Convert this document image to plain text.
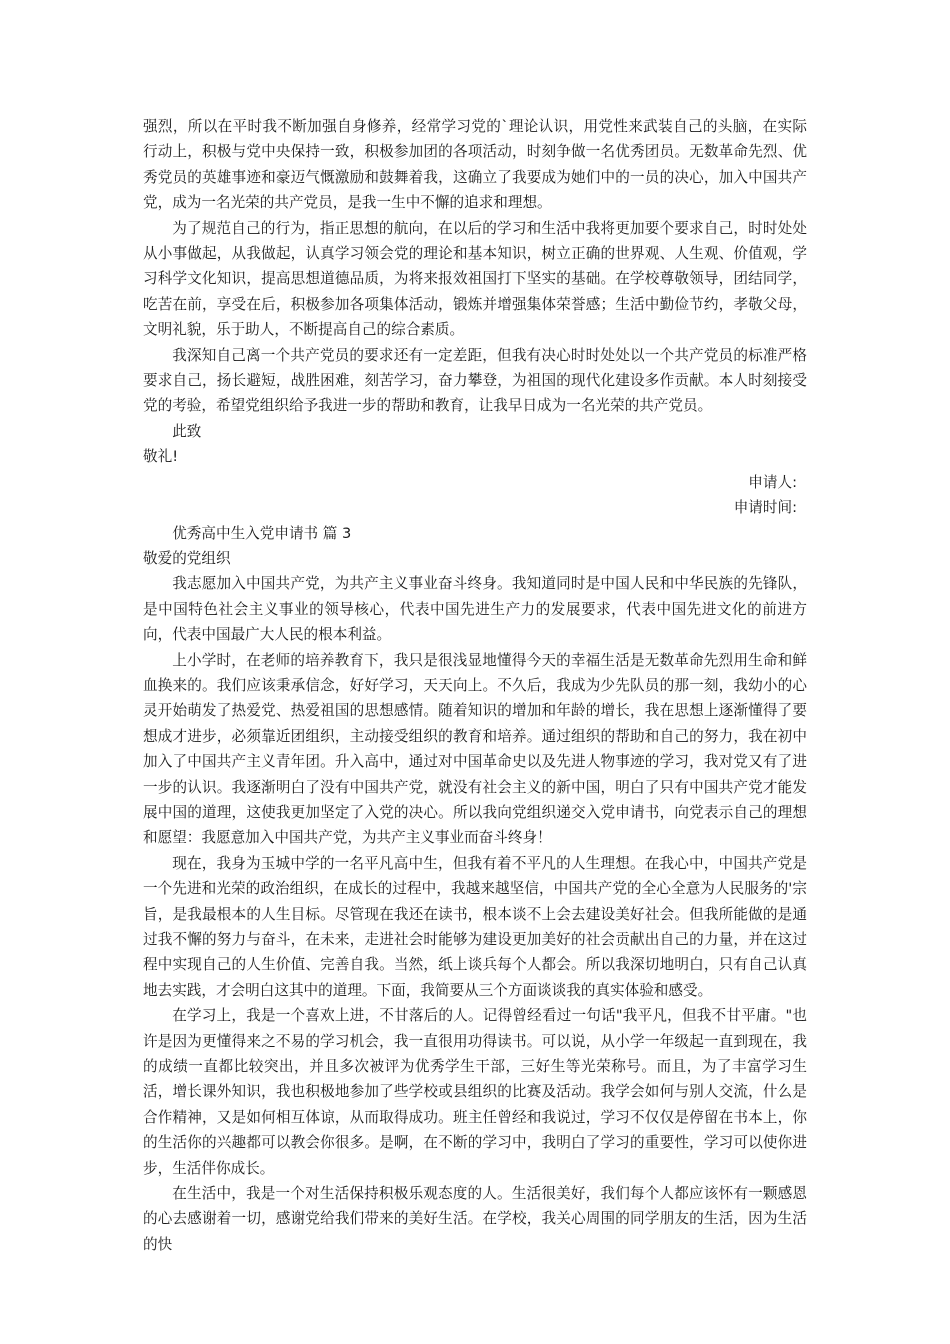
强烈，所以在平时我不断加强自身修养，经常学习党的`理论认识，用党性来武装自己的头脑，在实际行动上，积极与党中央保持一致，积极参加团的各项活动，时刻争做一名优秀团员。无数革命先烈、优秀党员的英雄事迹和豪迈气慨激励和鼓舞着我，这确立了我要成为她们中的一员的决心，加入中国共产党，成为一名光荣的共产党员，是我一生中不懈的追求和理想。

为了规范自己的行为，指正思想的航向，在以后的学习和生活中我将更加要个要求自己，时时处处从小事做起，从我做起，认真学习领会党的理论和基本知识，树立正确的世界观、人生观、价值观，学习科学文化知识，提高思想道德品质，为将来报效祖国打下坚实的基础。在学校尊敬领导，团结同学，吃苦在前，享受在后，积极参加各项集体活动，锻炼并增强集体荣誉感；生活中勤俭节约，孝敬父母，文明礼貌，乐于助人，不断提高自己的综合素质。

我深知自己离一个共产党员的要求还有一定差距，但我有决心时时处处以一个共产党员的标准严格要求自己，扬长避短，战胜困难，刻苦学习，奋力攀登，为祖国的现代化建设多作贡献。本人时刻接受党的考验，希望党组织给予我进一步的帮助和教育，让我早日成为一名光荣的共产党员。

此致

敬礼!

申请人:

申请时间:

优秀高中生入党申请书 篇 3

敬爱的党组织

我志愿加入中国共产党，为共产主义事业奋斗终身。我知道同时是中国人民和中华民族的先锋队，是中国特色社会主义事业的领导核心，代表中国先进生产力的发展要求，代表中国先进文化的前进方向，代表中国最广大人民的根本利益。

上小学时，在老师的培养教育下，我只是很浅显地懂得今天的幸福生活是无数革命先烈用生命和鲜血换来的。我们应该秉承信念，好好学习，天天向上。不久后，我成为少先队员的那一刻，我幼小的心灵开始萌发了热爱党、热爱祖国的思想感情。随着知识的增加和年龄的增长，我在思想上逐渐懂得了要想成才进步，必须靠近团组织，主动接受组织的教育和培养。通过组织的帮助和自己的努力，我在初中加入了中国共产主义青年团。升入高中，通过对中国革命史以及先进人物事迹的学习，我对党又有了进一步的认识。我逐渐明白了没有中国共产党，就没有社会主义的新中国，明白了只有中国共产党才能发展中国的道理，这使我更加坚定了入党的决心。所以我向党组织递交入党申请书，向党表示自己的理想和愿望：我愿意加入中国共产党，为共产主义事业而奋斗终身！

现在，我身为玉城中学的一名平凡高中生，但我有着不平凡的人生理想。在我心中，中国共产党是一个先进和光荣的政治组织，在成长的过程中，我越来越坚信，中国共产党的全心全意为人民服务的'宗旨，是我最根本的人生目标。尽管现在我还在读书，根本谈不上会去建设美好社会。但我所能做的是通过我不懈的努力与奋斗，在未来，走进社会时能够为建设更加美好的社会贡献出自己的力量，并在这过程中实现自己的人生价值、完善自我。当然，纸上谈兵每个人都会。所以我深切地明白，只有自己认真地去实践，才会明白这其中的道理。下面，我简要从三个方面谈谈我的真实体验和感受。

在学习上，我是一个喜欢上进，不甘落后的人。记得曾经看过一句话"我平凡，但我不甘平庸。"也许是因为更懂得来之不易的学习机会，我一直很用功得读书。可以说，从小学一年级起一直到现在，我的成绩一直都比较突出，并且多次被评为优秀学生干部，三好生等光荣称号。而且，为了丰富学习生活，增长课外知识，我也积极地参加了些学校或县组织的比赛及活动。我学会如何与别人交流，什么是合作精神，又是如何相互体谅，从而取得成功。班主任曾经和我说过，学习不仅仅是停留在书本上，你的生活你的兴趣都可以教会你很多。是啊，在不断的学习中，我明白了学习的重要性，学习可以使你进步，生活伴你成长。

在生活中，我是一个对生活保持积极乐观态度的人。生活很美好，我们每个人都应该怀有一颗感恩的心去感谢着一切，感谢党给我们带来的美好生活。在学校，我关心周围的同学朋友的生活，因为生活的快
